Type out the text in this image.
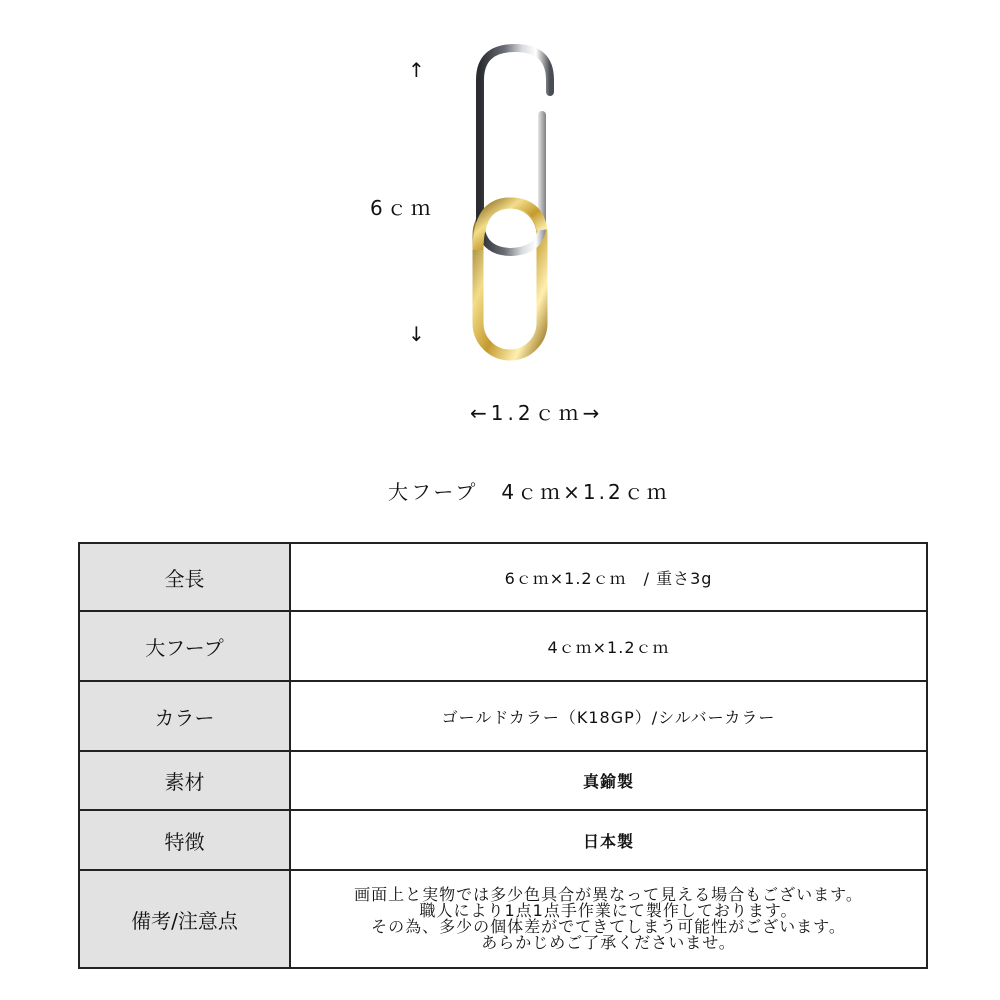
↑
6ｃｍ
↓
←1.2ｃｍ→
大フープ　4ｃｍ×1.2ｃｍ
全長	6ｃｍ×1.2ｃｍ　/ 重さ3g
大フープ	4ｃｍ×1.2ｃｍ
カラー	ゴールドカラー（K18GP）/シルバーカラー
素材	真鍮製
特徴	日本製
備考/注意点	画面上と実物では多少色具合が異なって見える場合もございます。
職人により1点1点手作業にて製作しております。
その為、多少の個体差がでてきてしまう可能性がございます。
あらかじめご了承くださいませ。
